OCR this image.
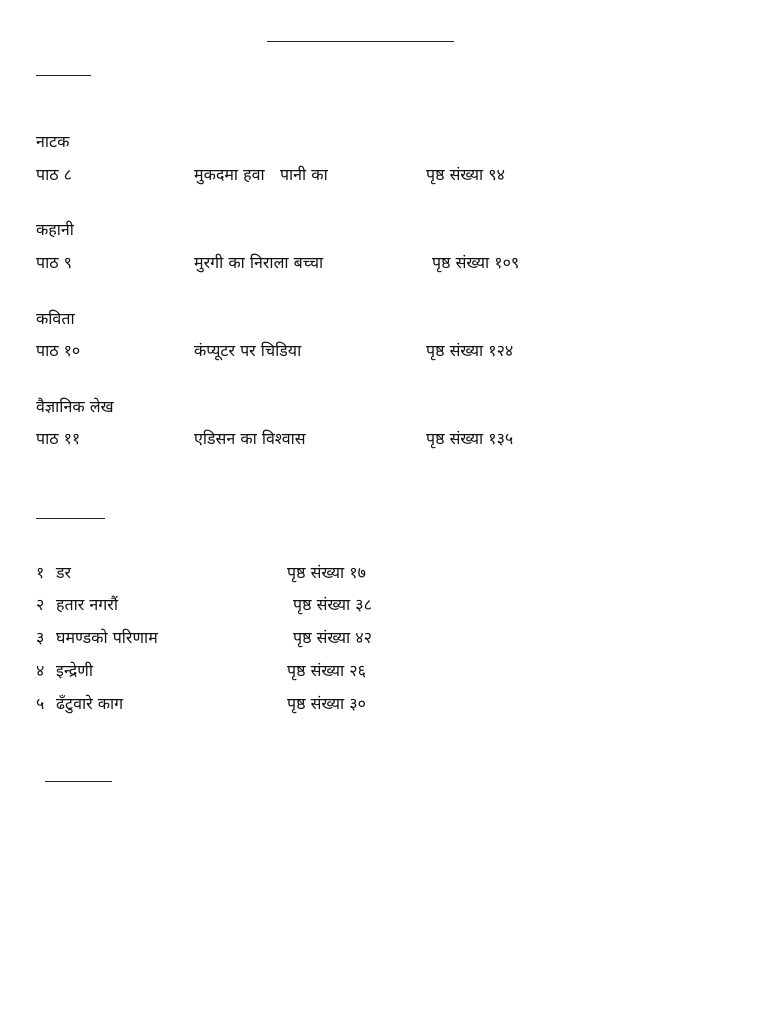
नाटक
पाठ ८	मुकदमा हवा   पानी का	पृष्ठ संख्या ९४
कहानी
पाठ ९	मुरगी का निराला बच्चा	पृष्ठ संख्या १०९
कविता
पाठ १०	कंप्यूटर पर चिडिया	पृष्ठ संख्या १२४
वैज्ञानिक लेख
पाठ ११	एडिसन का विश्वास	पृष्ठ संख्या १३५
१ डर	पृष्ठ संख्या १७
२ हतार नगरौं	पृष्ठ संख्या ३८
३ घमण्डको परिणाम	पृष्ठ संख्या ४२
४ इन्द्रेणी	पृष्ठ संख्या २६
५ ढँटुवारे काग	पृष्ठ संख्या ३०
